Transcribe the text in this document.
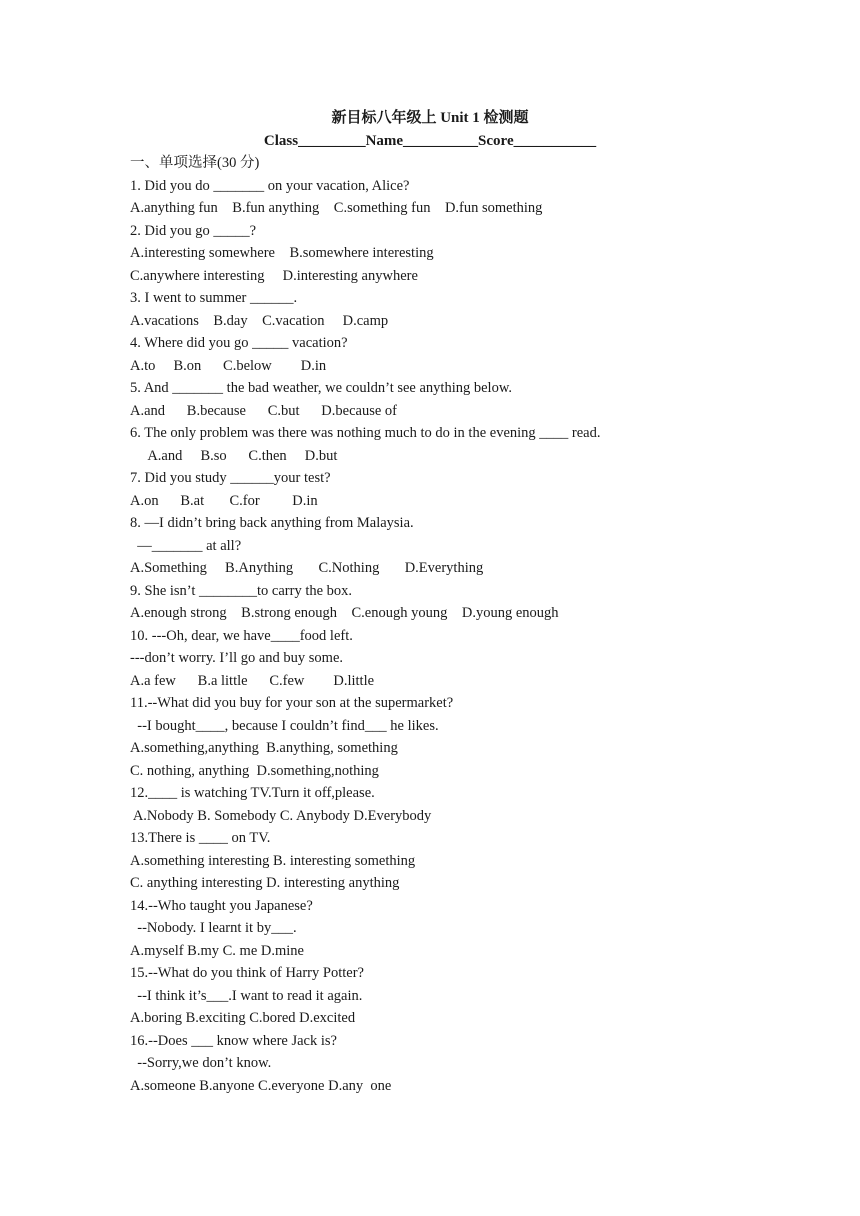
新目标八年级上 Unit 1 检测题
Class_________Name__________Score___________
一、单项选择(30 分)
1. Did you do _______ on your vacation, Alice?
A.anything fun    B.fun anything    C.something fun    D.fun something
2. Did you go _____?
A.interesting somewhere    B.somewhere interesting
C.anywhere interesting     D.interesting anywhere
3. I went to summer ______.
A.vacations    B.day    C.vacation     D.camp
4. Where did you go _____ vacation?
A.to     B.on      C.below        D.in
5. And _______ the bad weather, we couldn’t see anything below.
A.and      B.because      C.but      D.because of
6. The only problem was there was nothing much to do in the evening ____ read.
A.and     B.so      C.then     D.but
7. Did you study ______your test?
A.on      B.at       C.for         D.in
8. —I didn’t bring back anything from Malaysia.
—_______ at all?
A.Something     B.Anything       C.Nothing       D.Everything
9. She isn’t ________to carry the box.
A.enough strong    B.strong enough    C.enough young    D.young enough
10. ---Oh, dear, we have____food left.
---don’t worry. I’ll go and buy some.
A.a few      B.a little      C.few        D.little
11.--What did you buy for your son at the supermarket?
--I bought____, because I couldn’t find___ he likes.
A.something,anything  B.anything, something
C. nothing, anything  D.something,nothing
12.____ is watching TV.Turn it off,please.
A.Nobody B. Somebody C. Anybody D.Everybody
13.There is ____ on TV.
A.something interesting B. interesting something
C. anything interesting D. interesting anything
14.--Who taught you Japanese?
--Nobody. I learnt it by___.
A.myself B.my C. me D.mine
15.--What do you think of Harry Potter?
--I think it’s___.I want to read it again.
A.boring B.exciting C.bored D.excited
16.--Does ___ know where Jack is?
--Sorry,we don’t know.
A.someone B.anyone C.everyone D.any  one
